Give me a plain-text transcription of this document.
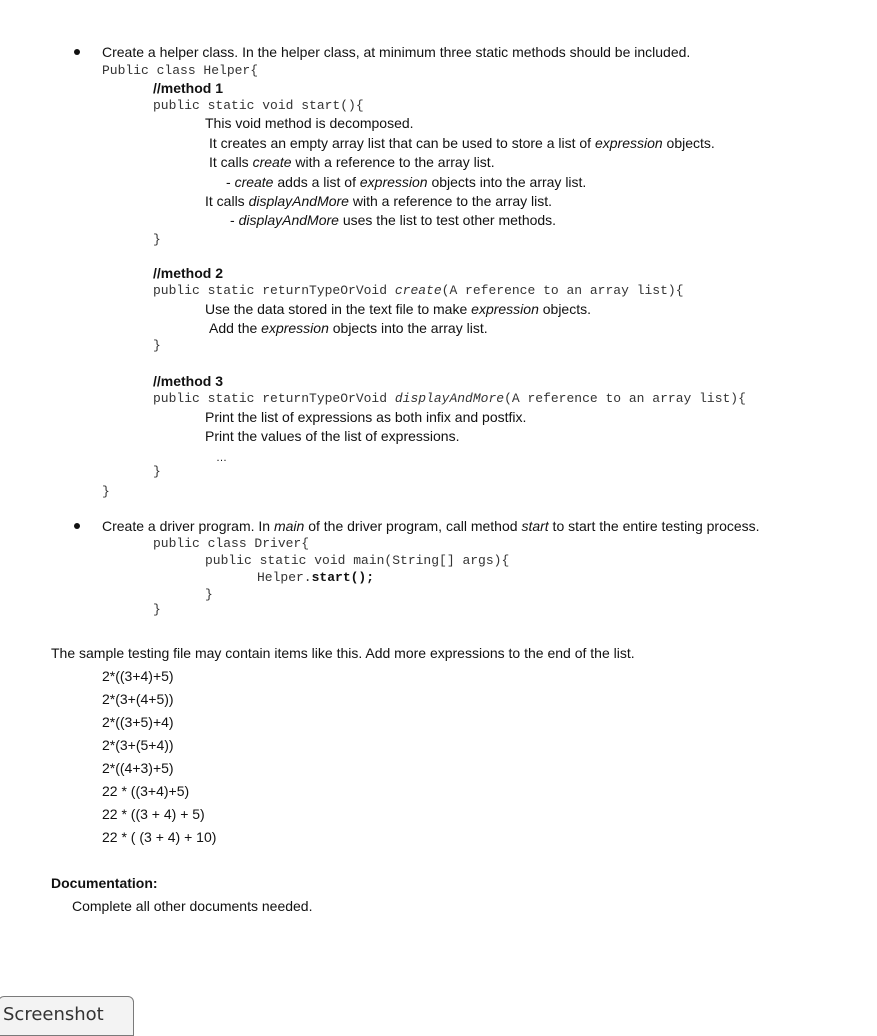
Create a helper class. In the helper class, at minimum three static methods should be included.
Public class Helper{
//method 1
public static void start(){
This void method is decomposed.
It creates an empty array list that can be used to store a list of expression objects.
It calls create with a reference to the array list.
- create adds a list of expression objects into the array list.
It calls displayAndMore with a reference to the array list.
- displayAndMore uses the list to test other methods.
}
//method 2
public static returnTypeOrVoid create(A reference to an array list){
Use the data stored in the text file to make expression objects.
Add the expression objects into the array list.
}
//method 3
public static returnTypeOrVoid displayAndMore(A reference to an array list){
Print the list of expressions as both infix and postfix.
Print the values of the list of expressions.
…
}
}
Create a driver program. In main of the driver program, call method start to start the entire testing process.
public class Driver{
public static void main(String[] args){
Helper.start();
}
}
The sample testing file may contain items like this. Add more expressions to the end of the list.
2*((3+4)+5)
2*(3+(4+5))
2*((3+5)+4)
2*(3+(5+4))
2*((4+3)+5)
22 * ((3+4)+5)
22 * ((3 + 4) + 5)
22 * ( (3 + 4) + 10)
Documentation:
Complete all other documents needed.
Screenshot
